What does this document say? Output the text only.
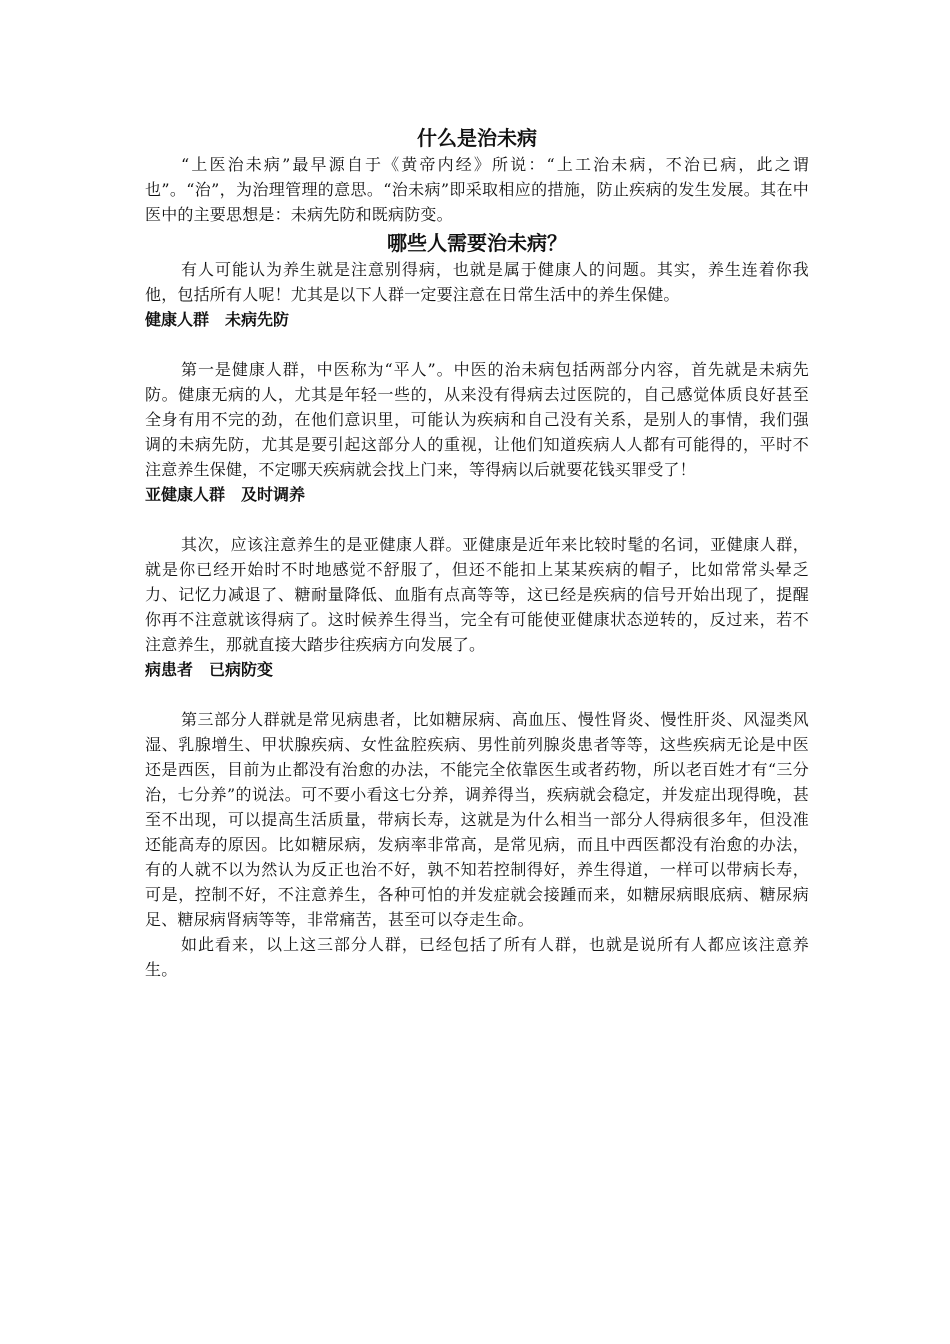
什么是治未病

“上医治未病”最早源自于《黄帝内经》所说：“上工治未病，不治已病，此之谓也”。“治”，为治理管理的意思。“治未病”即采取相应的措施，防止疾病的发生发展。其在中医中的主要思想是：未病先防和既病防变。

哪些人需要治未病？

有人可能认为养生就是注意别得病，也就是属于健康人的问题。其实，养生连着你我他，包括所有人呢！尤其是以下人群一定要注意在日常生活中的养生保健。

健康人群　未病先防

第一是健康人群，中医称为“平人”。中医的治未病包括两部分内容，首先就是未病先防。健康无病的人，尤其是年轻一些的，从来没有得病去过医院的，自己感觉体质良好甚至全身有用不完的劲，在他们意识里，可能认为疾病和自己没有关系，是别人的事情，我们强调的未病先防，尤其是要引起这部分人的重视，让他们知道疾病人人都有可能得的，平时不注意养生保健，不定哪天疾病就会找上门来，等得病以后就要花钱买罪受了！

亚健康人群　及时调养

其次，应该注意养生的是亚健康人群。亚健康是近年来比较时髦的名词，亚健康人群，就是你已经开始时不时地感觉不舒服了，但还不能扣上某某疾病的帽子，比如常常头晕乏力、记忆力减退了、糖耐量降低、血脂有点高等等，这已经是疾病的信号开始出现了，提醒你再不注意就该得病了。这时候养生得当，完全有可能使亚健康状态逆转的，反过来，若不注意养生，那就直接大踏步往疾病方向发展了。

病患者　已病防变

第三部分人群就是常见病患者，比如糖尿病、高血压、慢性肾炎、慢性肝炎、风湿类风湿、乳腺增生、甲状腺疾病、女性盆腔疾病、男性前列腺炎患者等等，这些疾病无论是中医还是西医，目前为止都没有治愈的办法，不能完全依靠医生或者药物，所以老百姓才有“三分治，七分养”的说法。可不要小看这七分养，调养得当，疾病就会稳定，并发症出现得晚，甚至不出现，可以提高生活质量，带病长寿，这就是为什么相当一部分人得病很多年，但没准还能高寿的原因。比如糖尿病，发病率非常高，是常见病，而且中西医都没有治愈的办法，有的人就不以为然认为反正也治不好，孰不知若控制得好，养生得道，一样可以带病长寿，可是，控制不好，不注意养生，各种可怕的并发症就会接踵而来，如糖尿病眼底病、糖尿病足、糖尿病肾病等等，非常痛苦，甚至可以夺走生命。

如此看来，以上这三部分人群，已经包括了所有人群，也就是说所有人都应该注意养生。
